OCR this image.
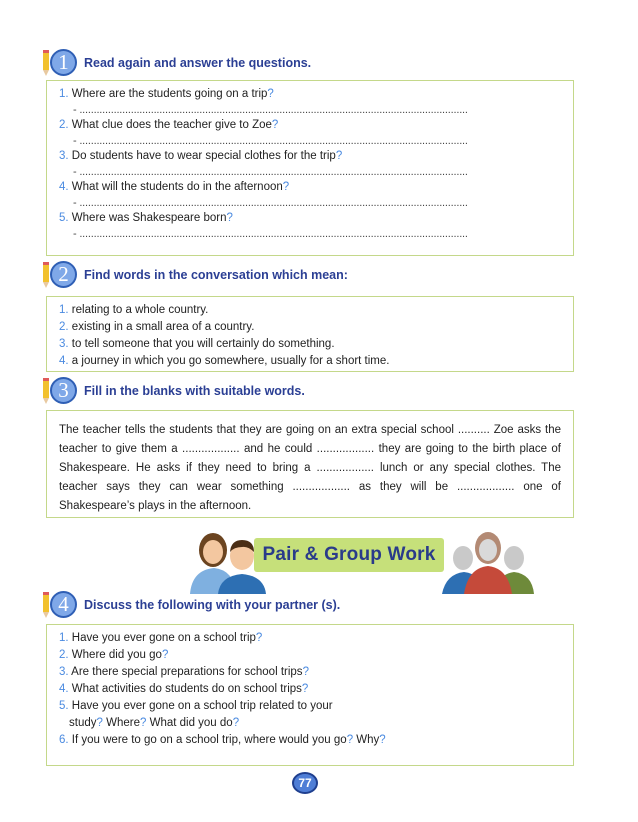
1	Read again and answer the questions.
1. Where are the students going on a trip?
- ........................................................................................................................................
2. What clue does the teacher give to Zoe?
- ........................................................................................................................................
3. Do students have to wear special clothes for the trip?
- ........................................................................................................................................
4. What will the students do in the afternoon?
- ........................................................................................................................................
5. Where was Shakespeare born?
- ........................................................................................................................................
2	Find words in the conversation which mean:
1. relating to a whole country.
2. existing in a small area of a country.
3. to tell someone that you will certainly do something.
4. a journey in which you go somewhere, usually for a short time.
3	Fill in the blanks with suitable words.

The teacher tells the students that they are going on an extra special school .......... Zoe asks the teacher to give them a .................. and he could .................. they are going to the birth place of Shakespeare. He asks if they need to bring a .................. lunch or any special clothes. The teacher says they can wear something .................. as they will be .................. one of Shakespeare’s plays in the afternoon.

Pair & Group Work
4	Discuss the following with your partner (s).
1. Have you ever gone on a school trip?
2. Where did you go?
3. Are there special preparations for school trips?
4. What activities do students do on school trips?
5. Have you ever gone on a school trip related to your
study? Where? What did you do?
6. If you were to go on a school trip, where would you go? Why?
77
